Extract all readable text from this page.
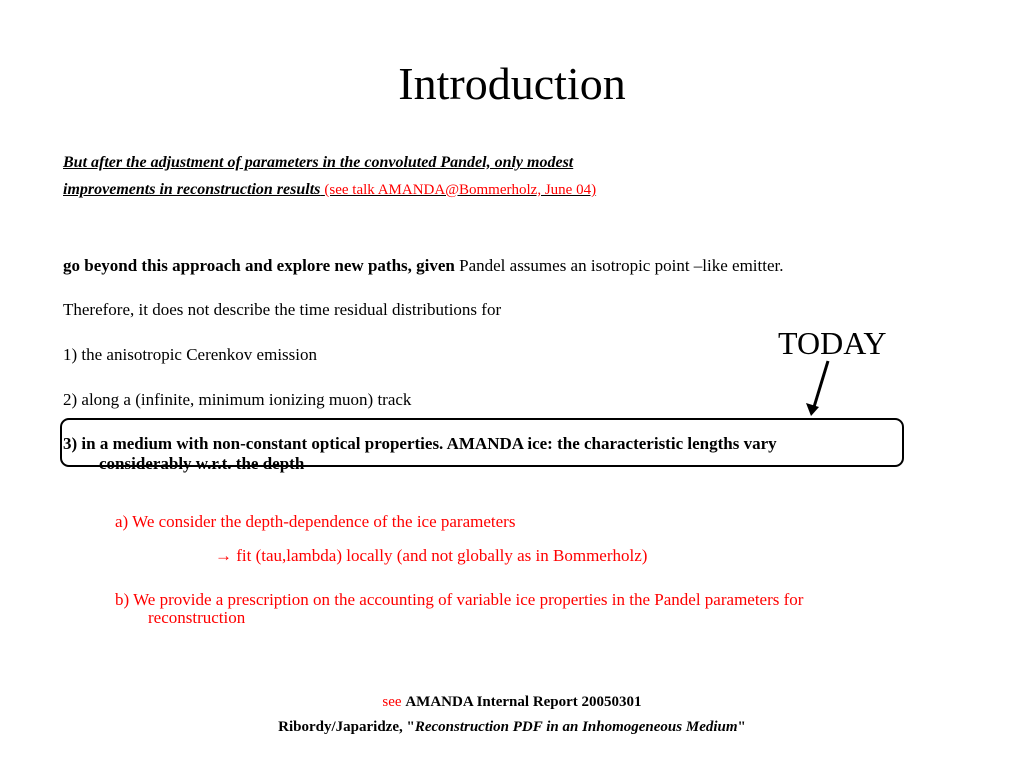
Introduction
But after the adjustment of parameters in the convoluted Pandel, only modest
improvements in reconstruction results (see talk AMANDA@Bommerholz, June 04)
go beyond this approach and explore new paths, given Pandel assumes an isotropic point –like emitter.
Therefore, it does not describe the time residual distributions for
1) the anisotropic Cerenkov emission
2) along a (infinite, minimum ionizing muon) track
3) in a medium with non-constant optical properties. AMANDA ice: the characteristic lengths vary
considerably w.r.t. the depth
TODAY
a) We consider the depth-dependence of the ice parameters
→ fit (tau,lambda) locally (and not globally as in Bommerholz)
b) We provide a prescription on the accounting of variable ice properties in the Pandel parameters for
reconstruction
see AMANDA Internal Report 20050301
Ribordy/Japaridze, "Reconstruction PDF in an Inhomogeneous Medium"
